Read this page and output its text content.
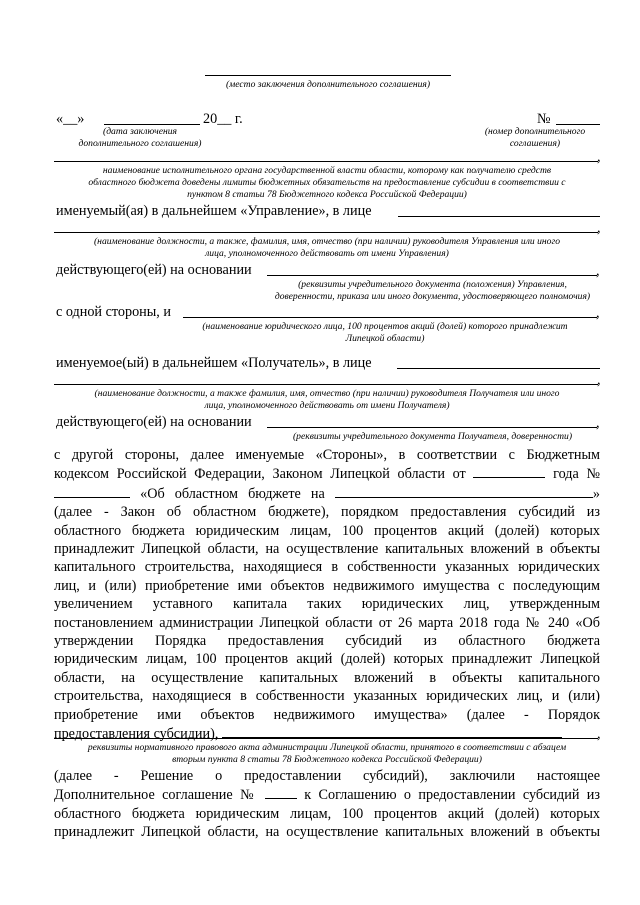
(место заключения дополнительного соглашения)
«__»	20__ г.	№
(дата заключения
дополнительного соглашения)
(номер дополнительного
соглашения)
,
наименование исполнительного органа государственной власти области, которому как получателю средств
областного бюджета доведены лимиты бюджетных обязательств на предоставление субсидии в соответствии с
пунктом 8 статьи 78 Бюджетного кодекса Российской Федерации)
именуемый(ая) в дальнейшем «Управление», в лице
,
(наименование должности, а также, фамилия, имя, отчество (при наличии) руководителя Управления или иного
лица, уполномоченного действовать от имени Управления)
действующего(ей) на основании	,
(реквизиты учредительного документа (положения) Управления,
доверенности, приказа или иного документа, удостоверяющего полномочия)
с одной стороны, и	,
(наименование юридического лица, 100 процентов акций (долей) которого принадлежит
Липецкой области)
именуемое(ый) в дальнейшем «Получатель», в лице
,
(наименование должности, а также фамилия, имя, отчество (при наличии) руководителя Получателя или иного
лица, уполномоченного действовать от имени Получателя)
действующего(ей) на основании	,
(реквизиты учредительного документа Получателя, доверенности)

с другой стороны, далее именуемые «Стороны», в соответствии с Бюджетным

кодексом Российской Федерации, Законом Липецкой области от	года №

«Об областном бюджете на	»

(далее - Закон об областном бюджете), порядком предоставления субсидий из

областного бюджета юридическим лицам, 100 процентов акций (долей) которых

принадлежит Липецкой области, на осуществление капитальных вложений в объекты

капитального строительства, находящиеся в собственности указанных юридических

лиц, и (или) приобретение ими объектов недвижимого имущества с последующим

увеличением уставного капитала таких юридических лиц, утвержденным

постановлением администрации Липецкой области от 26 марта 2018 года № 240 «Об

утверждении Порядка предоставления субсидий из областного бюджета

юридическим лицам, 100 процентов акций (долей) которых принадлежит Липецкой

области, на осуществление капитальных вложений в объекты капитального

строительства, находящиеся в собственности указанных юридических лиц, и (или)

приобретение ими объектов недвижимого имущества» (далее - Порядок

предоставления субсидии),	,
реквизиты нормативного правового акта администрации Липецкой области, принятого в соответствии с абзацем
вторым пункта 8 статьи 78 Бюджетного кодекса Российской Федерации)

(далее - Решение о предоставлении субсидий), заключили настоящее

Дополнительное соглашение №	к Соглашению о предоставлении субсидий из

областного бюджета юридическим лицам, 100 процентов акций (долей) которых

принадлежит Липецкой области, на осуществление капитальных вложений в объекты
